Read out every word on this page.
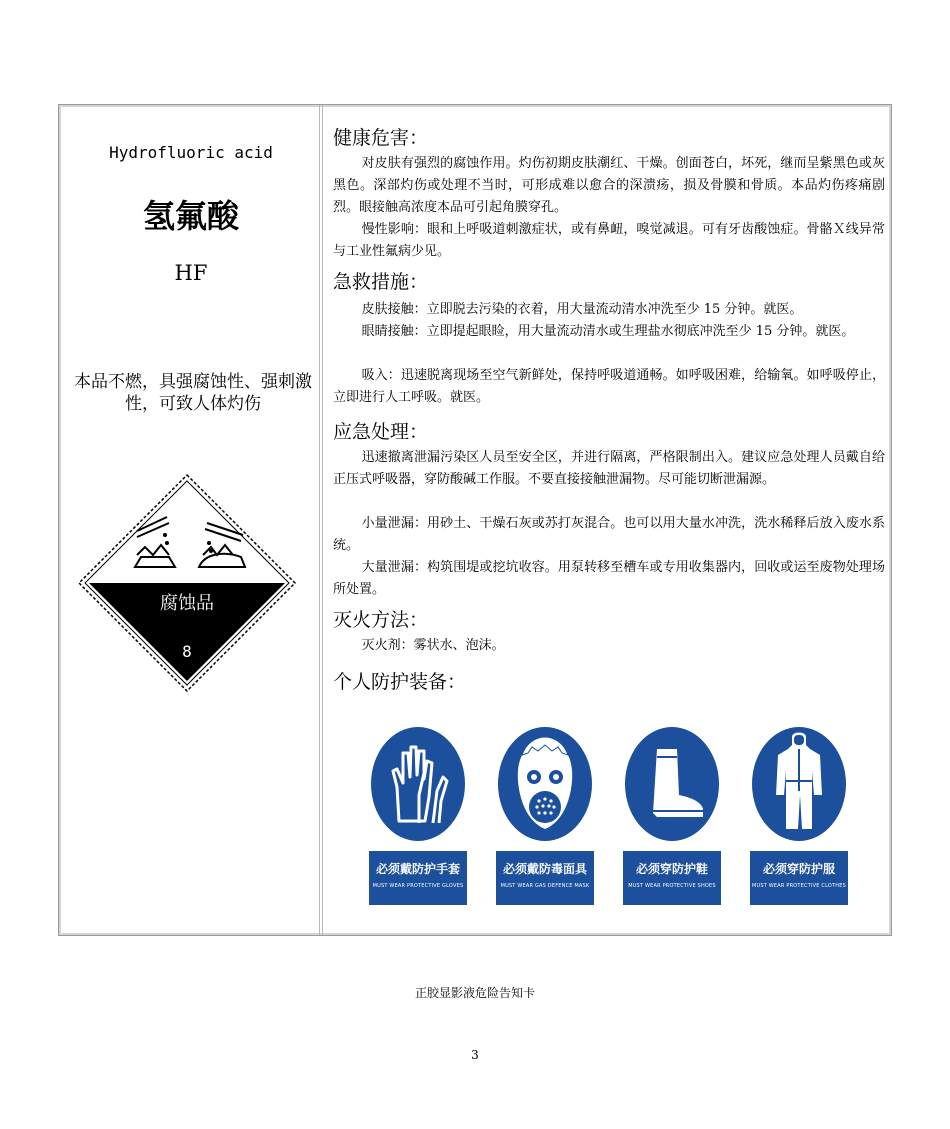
Hydrofluoric acid
氢氟酸
HF
本品不燃，具强腐蚀性、强刺激性，可致人体灼伤
腐蚀品
8
健康危害：
对皮肤有强烈的腐蚀作用。灼伤初期皮肤潮红、干燥。创面苍白，坏死，继而呈紫黑色或灰黑色。深部灼伤或处理不当时，可形成难以愈合的深溃疡，损及骨膜和骨质。本品灼伤疼痛剧烈。眼接触高浓度本品可引起角膜穿孔。
慢性影响：眼和上呼吸道刺激症状，或有鼻衄，嗅觉减退。可有牙齿酸蚀症。骨骼Ｘ线异常与工业性氟病少见。
急救措施：
皮肤接触：立即脱去污染的衣着，用大量流动清水冲洗至少 15 分钟。就医。
眼睛接触：立即提起眼睑，用大量流动清水或生理盐水彻底冲洗至少 15 分钟。就医。
吸入：迅速脱离现场至空气新鲜处，保持呼吸道通畅。如呼吸困难，给输氧。如呼吸停止，立即进行人工呼吸。就医。
应急处理：
迅速撤离泄漏污染区人员至安全区，并进行隔离，严格限制出入。建议应急处理人员戴自给正压式呼吸器，穿防酸碱工作服。不要直接接触泄漏物。尽可能切断泄漏源。
小量泄漏：用砂土、干燥石灰或苏打灰混合。也可以用大量水冲洗，洗水稀释后放入废水系统。
大量泄漏：构筑围堤或挖坑收容。用泵转移至槽车或专用收集器内，回收或运至废物处理场所处置。
灭火方法：
灭火剂：雾状水、泡沫。
个人防护装备：
必须戴防护手套
MUST WEAR PROTECTIVE GLOVES
必须戴防毒面具
MUST WEAR GAS DEFENCE MASK
必须穿防护鞋
MUST WEAR PROTECTIVE SHOES
必须穿防护服
MUST WEAR PROTECTIVE CLOTHES
正胶显影液危险告知卡
3
